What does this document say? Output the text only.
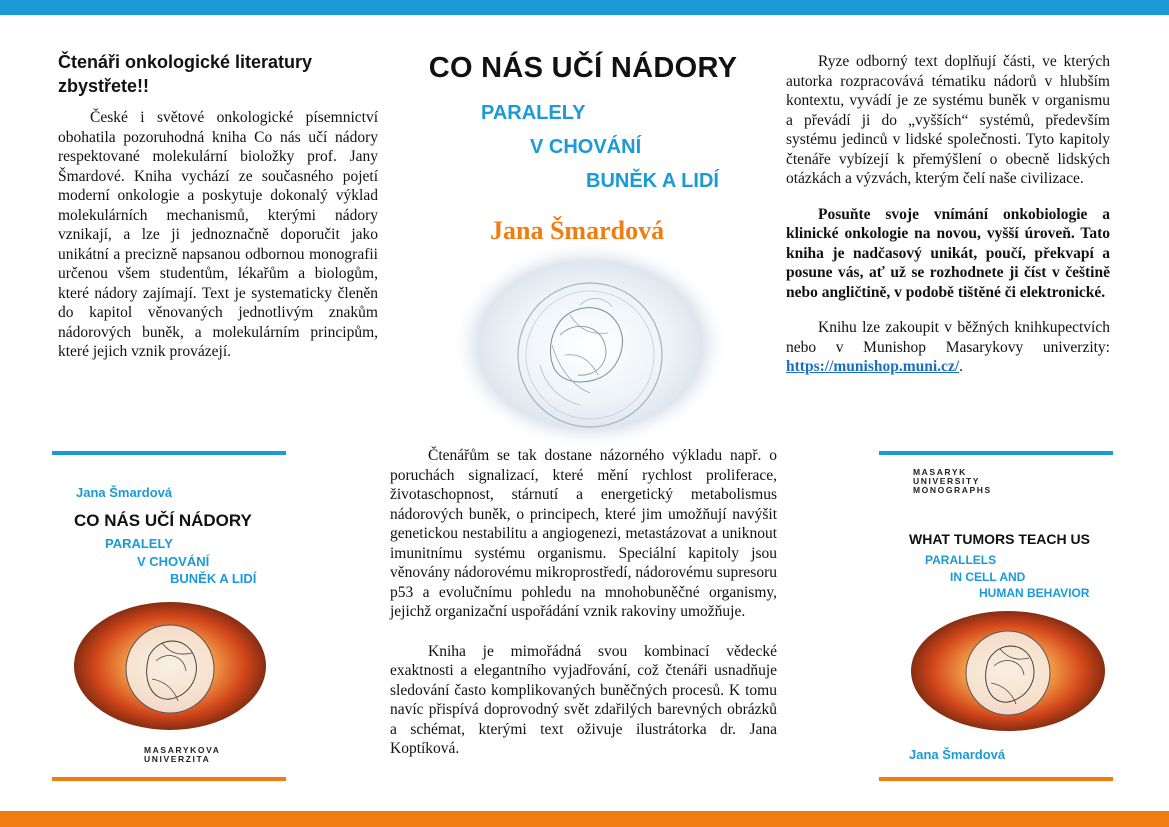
Čtenáři onkologické literatury zbystřete!!

České i světové onkologické písemnictví obohatila pozoruhodná kniha Co nás učí nádory respektované molekulární bioložky prof. Jany Šmardové. Kniha vychází ze současného pojetí moderní onkologie a poskytuje dokonalý výklad molekulárních mechanismů, kterými nádory vznikají, a lze ji jednoznačně doporučit jako unikátní a precizně napsanou odbornou monografii určenou všem studentům, lékařům a biologům, které nádory zajímají. Text je systematicky členěn do kapitol věnovaných jednotlivým znakům nádorových buněk, a molekulárním principům, které jejich vznik provázejí.

CO NÁS UČÍ NÁDORY
PARALELY
V CHOVÁNÍ
BUNĚK A LIDÍ
Jana Šmardová

Ryze odborný text doplňují části, ve kterých autorka rozpracovává tématiku nádorů v hlubším kontextu, vyvádí je ze systému buněk v organismu a převádí ji do „vyšších“ systémů, především systému jedinců v lidské společnosti. Tyto kapitoly čtenáře vybízejí k přemýšlení o obecně lidských otázkách a výzvách, kterým čelí naše civilizace.

Posuňte svoje vnímání onkobiologie a klinické onkologie na novou, vyšší úroveň. Tato kniha je nadčasový unikát, poučí, překvapí a posune vás, ať už se rozhodnete ji číst v češtině nebo angličtině, v podobě tištěné či elektronické.

Knihu lze zakoupit v běžných knihkupectvích nebo v Munishop Masarykovy univerzity: https://munishop.muni.cz/.

Čtenářům se tak dostane názorného výkladu např. o poruchách signalizací, které mění rychlost proliferace, životaschopnost, stárnutí a energetický metabolismus nádorových buněk, o principech, které jim umožňují navýšit genetickou nestabilitu a angiogenezi, metastázovat a uniknout imunitnímu systému organismu. Speciální kapitoly jsou věnovány nádorovému mikroprostředí, nádorovému supresoru p53 a evolučnímu pohledu na mnohobuněčné organismy, jejichž organizační uspořádání vznik rakoviny umožňuje.

Kniha je mimořádná svou kombinací vědecké exaktnosti a elegantního vyjadřování, což čtenáři usnadňuje sledování často komplikovaných buněčných procesů. K tomu navíc přispívá doprovodný svět zdařilých barevných obrázků a schémat, kterými text oživuje ilustrátorka dr. Jana Koptíková.

Jana Šmardová
CO NÁS UČÍ NÁDORY
PARALELY
V CHOVÁNÍ
BUNĚK A LIDÍ
MASARYKOVA
UNIVERZITA
MASARYK
UNIVERSITY
MONOGRAPHS
WHAT TUMORS TEACH US
PARALLELS
IN CELL AND
HUMAN BEHAVIOR
Jana Šmardová
